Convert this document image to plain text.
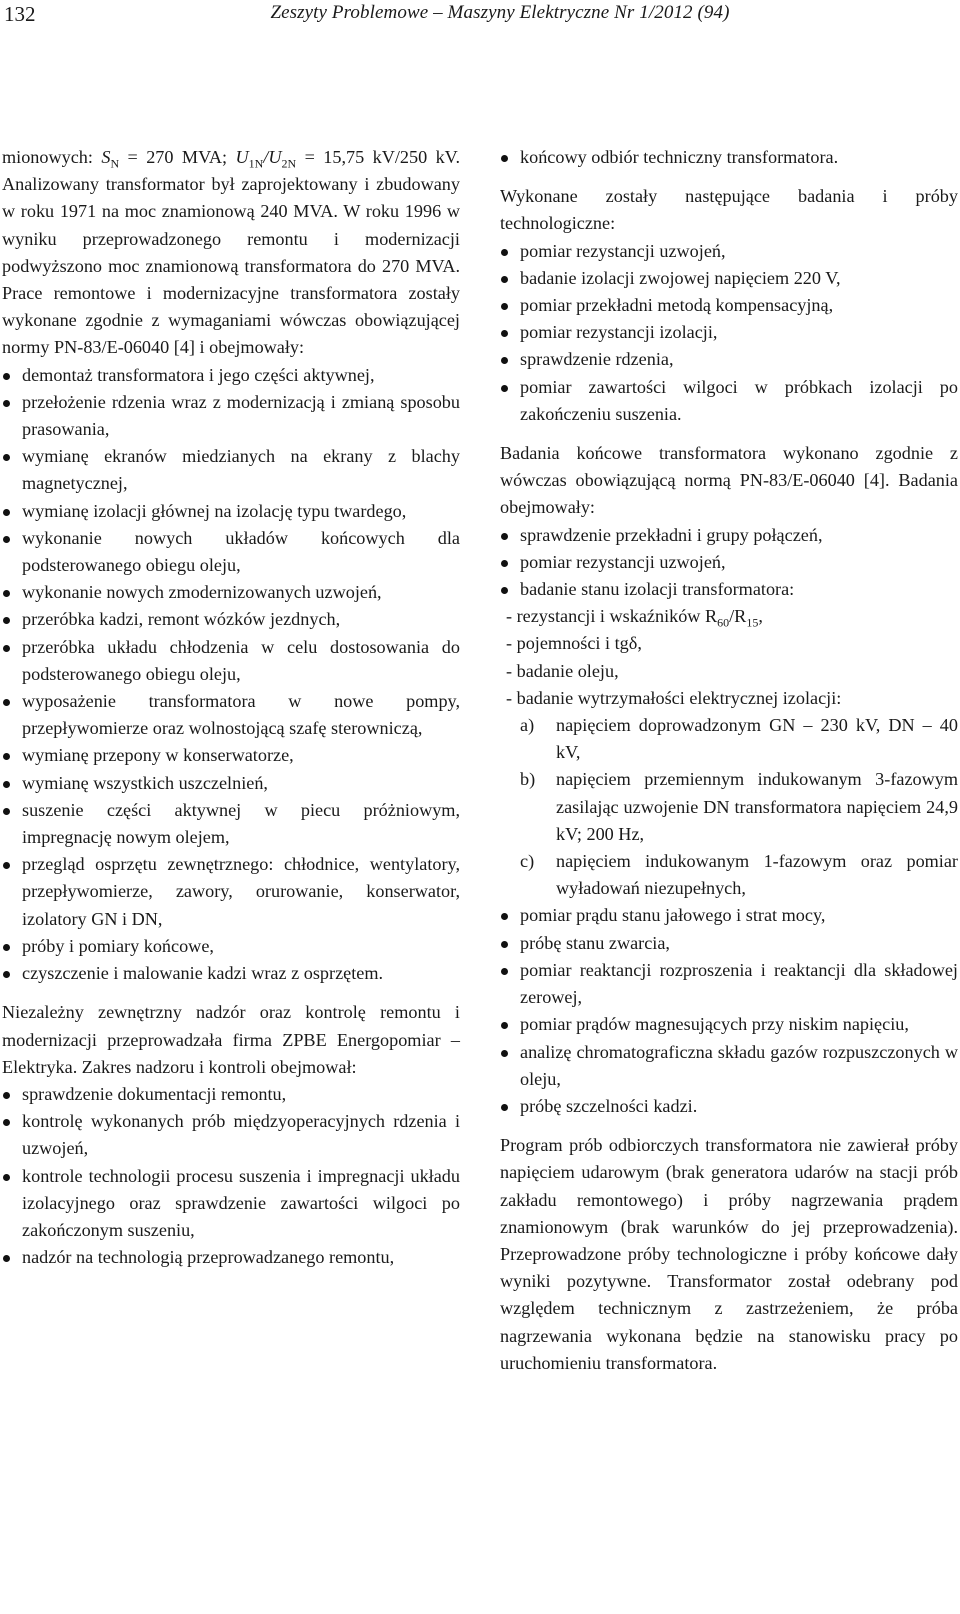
132	Zeszyty Problemowe – Maszyny Elektryczne Nr 1/2012 (94)

mionowych: $S_N = 270$ MVA; $U_{1N}/U_{2N} = 15,75$ kV/250 kV. Analizowany transformator był zaprojektowany i zbudowany w roku 1971 na moc znamionową 240 MVA. W roku 1996 w wyniku przeprowadzonego remontu i modernizacji podwyższono moc znamionową transformatora do 270 MVA. Prace remontowe i modernizacyjne transformatora zostały wykonane zgodnie z wymaganiami wówczas obowiązującej normy PN-83/E-06040 [4] i obejmowały:

demontaż transformatora i jego części aktywnej,
przełożenie rdzenia wraz z modernizacją i zmianą sposobu prasowania,
wymianę ekranów miedzianych na ekrany z blachy magnetycznej,
wymianę izolacji głównej na izolację typu twardego,
wykonanie nowych układów końcowych dla podsterowanego obiegu oleju,
wykonanie nowych zmodernizowanych uzwojeń,
przeróbka kadzi, remont wózków jezdnych,
przeróbka układu chłodzenia w celu dostosowania do podsterowanego obiegu oleju,
wyposażenie transformatora w nowe pompy, przepływomierze oraz wolnostojącą szafę sterowniczą,
wymianę przepony w konserwatorze,
wymianę wszystkich uszczelnień,
suszenie części aktywnej w piecu próżniowym, impregnację nowym olejem,
przegląd osprzętu zewnętrznego: chłodnice, wentylatory, przepływomierze, zawory, orurowanie, konserwator, izolatory GN i DN,
próby i pomiary końcowe,
czyszczenie i malowanie kadzi wraz z osprzętem.

Niezależny zewnętrzny nadzór oraz kontrolę remontu i modernizacji przeprowadzała firma ZPBE Energopomiar – Elektryka. Zakres nadzoru i kontroli obejmował:

sprawdzenie dokumentacji remontu,
kontrolę wykonanych prób międzyoperacyjnych rdzenia i uzwojeń,
kontrole technologii procesu suszenia i impregnacji układu izolacyjnego oraz sprawdzenie zawartości wilgoci po zakończonym suszeniu,
nadzór na technologią przeprowadzanego remontu,
końcowy odbiór techniczny transformatora.

Wykonane zostały następujące badania i próby technologiczne:

pomiar rezystancji uzwojeń,
badanie izolacji zwojowej napięciem 220 V,
pomiar przekładni metodą kompensacyjną,
pomiar rezystancji izolacji,
sprawdzenie rdzenia,
pomiar zawartości wilgoci w próbkach izolacji po zakończeniu suszenia.

Badania końcowe transformatora wykonano zgodnie z wówczas obowiązującą normą PN-83/E-06040 [4]. Badania obejmowały:

sprawdzenie przekładni i grupy połączeń,
pomiar rezystancji uzwojeń,
badanie stanu izolacji transformatora:
- rezystancji i wskaźników $R_{60}/R_{15}$,
- pojemności i tgδ,
- badanie oleju,
- badanie wytrzymałości elektrycznej izolacji:
a) napięciem doprowadzonym GN – 230 kV, DN – 40 kV,
b) napięciem przemiennym indukowanym 3-fazowym zasilając uzwojenie DN transformatora napięciem 24,9 kV; 200 Hz,
c) napięciem indukowanym 1-fazowym oraz pomiar wyładowań niezupełnych,
pomiar prądu stanu jałowego i strat mocy,
próbę stanu zwarcia,
pomiar reaktancji rozproszenia i reaktancji dla składowej zerowej,
pomiar prądów magnesujących przy niskim napięciu,
analizę chromatograficzna składu gazów rozpuszczonych w oleju,
próbę szczelności kadzi.

Program prób odbiorczych transformatora nie zawierał próby napięciem udarowym (brak generatora udarów na stacji prób zakładu remontowego) i próby nagrzewania prądem znamionowym (brak warunków do jej przeprowadzenia). Przeprowadzone próby technologiczne i próby końcowe dały wyniki pozytywne. Transformator został odebrany pod względem technicznym z zastrzeżeniem, że próba nagrzewania wykonana będzie na stanowisku pracy po uruchomieniu transformatora.
